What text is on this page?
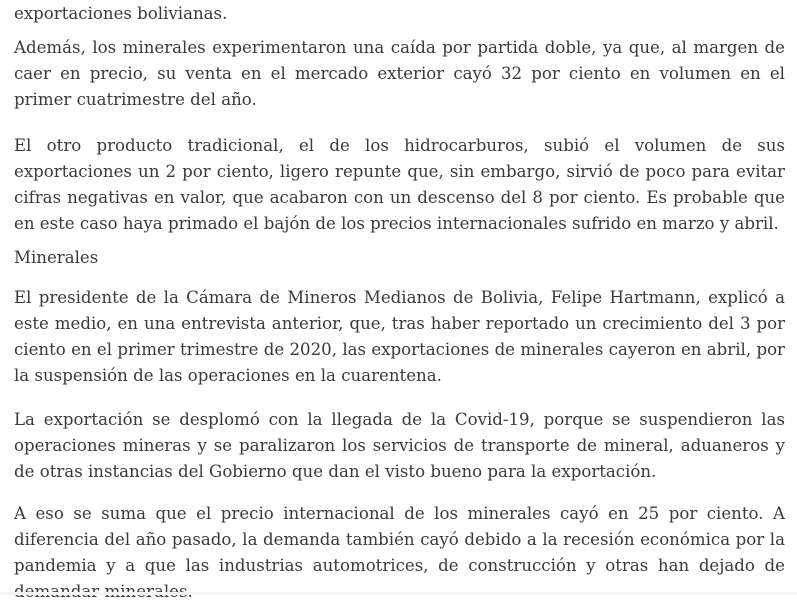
exportaciones bolivianas.

Además, los minerales experimentaron una caída por partida doble, ya que, al margen de caer en precio, su venta en el mercado exterior cayó 32 por ciento en volumen en el primer cuatrimestre del año.

El otro producto tradicional, el de los hidrocarburos, subió el volumen de sus exportaciones un 2 por ciento, ligero repunte que, sin embargo, sirvió de poco para evitar cifras negativas en valor, que acabaron con un descenso del 8 por ciento. Es probable que en este caso haya primado el bajón de los precios internacionales sufrido en marzo y abril.

Minerales

El presidente de la Cámara de Mineros Medianos de Bolivia, Felipe Hartmann, explicó a este medio, en una entrevista anterior, que, tras haber reportado un crecimiento del 3 por ciento en el primer trimestre de 2020, las exportaciones de minerales cayeron en abril, por la suspensión de las operaciones en la cuarentena.

La exportación se desplomó con la llegada de la Covid-19, porque se suspendieron las operaciones mineras y se paralizaron los servicios de transporte de mineral, aduaneros y de otras instancias del Gobierno que dan el visto bueno para la exportación.

A eso se suma que el precio internacional de los minerales cayó en 25 por ciento. A diferencia del año pasado, la demanda también cayó debido a la recesión económica por la pandemia y a que las industrias automotrices, de construcción y otras han dejado de
